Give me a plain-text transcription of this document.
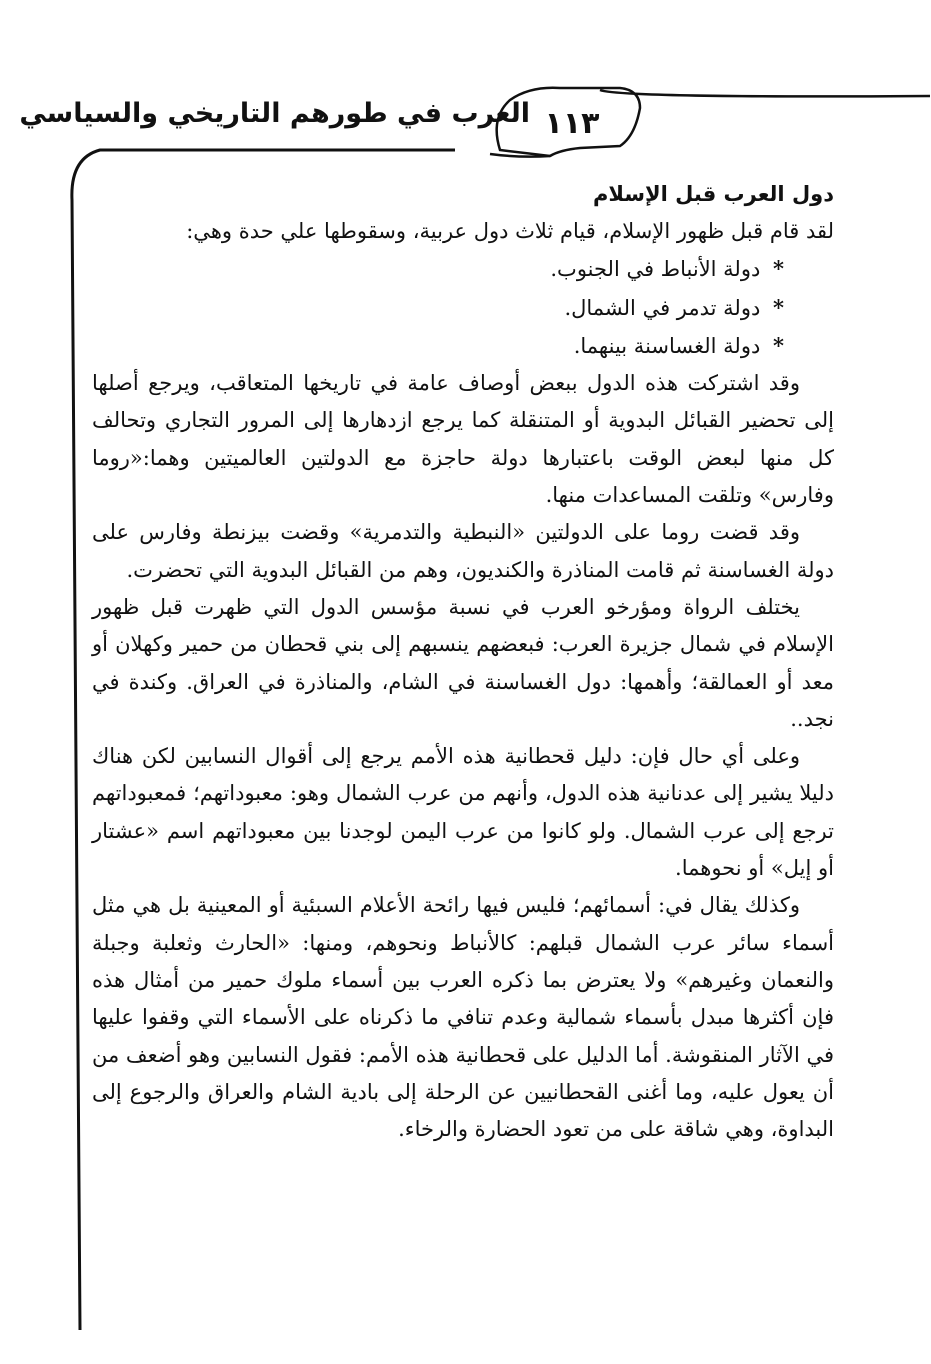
١١٣
العرب في طورهم التاريخي والسياسي
دول العرب قبل الإسلام

لقد قام قبل ظهور الإسلام، قيام ثلاث دول عربية، وسقوطها علي حدة وهي:

* دولة الأنباط في الجنوب.
* دولة تدمر في الشمال.
* دولة الغساسنة بينهما.

وقد اشتركت هذه الدول ببعض أوصاف عامة في تاريخها المتعاقب، ويرجع أصلها إلى تحضير القبائل البدوية أو المتنقلة كما يرجع ازدهارها إلى المرور التجاري وتحالف كل منها لبعض الوقت باعتبارها دولة حاجزة مع الدولتين العالميتين وهما:«روما وفارس» وتلقت المساعدات منها.

وقد قضت روما على الدولتين «النبطية والتدمرية» وقضت بيزنطة وفارس على دولة الغساسنة ثم قامت المناذرة والكنديون، وهم من القبائل البدوية التي تحضرت.

يختلف الرواة ومؤرخو العرب في نسبة مؤسس الدول التي ظهرت قبل ظهور الإسلام في شمال جزيرة العرب: فبعضهم ينسبهم إلى بني قحطان من حمير وكهلان أو معد أو العمالقة؛ وأهمها: دول الغساسنة في الشام، والمناذرة في العراق. وكندة في نجد..

وعلى أي حال فإن: دليل قحطانية هذه الأمم يرجع إلى أقوال النسابين لكن هناك دليلا يشير إلى عدنانية هذه الدول، وأنهم من عرب الشمال وهو: معبوداتهم؛ فمعبوداتهم ترجع إلى عرب الشمال. ولو كانوا من عرب اليمن لوجدنا بين معبوداتهم اسم «عشتار أو إيل» أو نحوهما.

وكذلك يقال في: أسمائهم؛ فليس فيها رائحة الأعلام السبئية أو المعينية بل هي مثل أسماء سائر عرب الشمال قبلهم: كالأنباط ونحوهم، ومنها: «الحارث وثعلبة وجبلة والنعمان وغيرهم» ولا يعترض بما ذكره العرب بين أسماء ملوك حمير من أمثال هذه فإن أكثرها مبدل بأسماء شمالية وعدم تنافي ما ذكرناه على الأسماء التي وقفوا عليها في الآثار المنقوشة. أما الدليل على قحطانية هذه الأمم: فقول النسابين وهو أضعف من أن يعول عليه، وما أغنى القحطانيين عن الرحلة إلى بادية الشام والعراق والرجوع إلى البداوة، وهي شاقة على من تعود الحضارة والرخاء.
